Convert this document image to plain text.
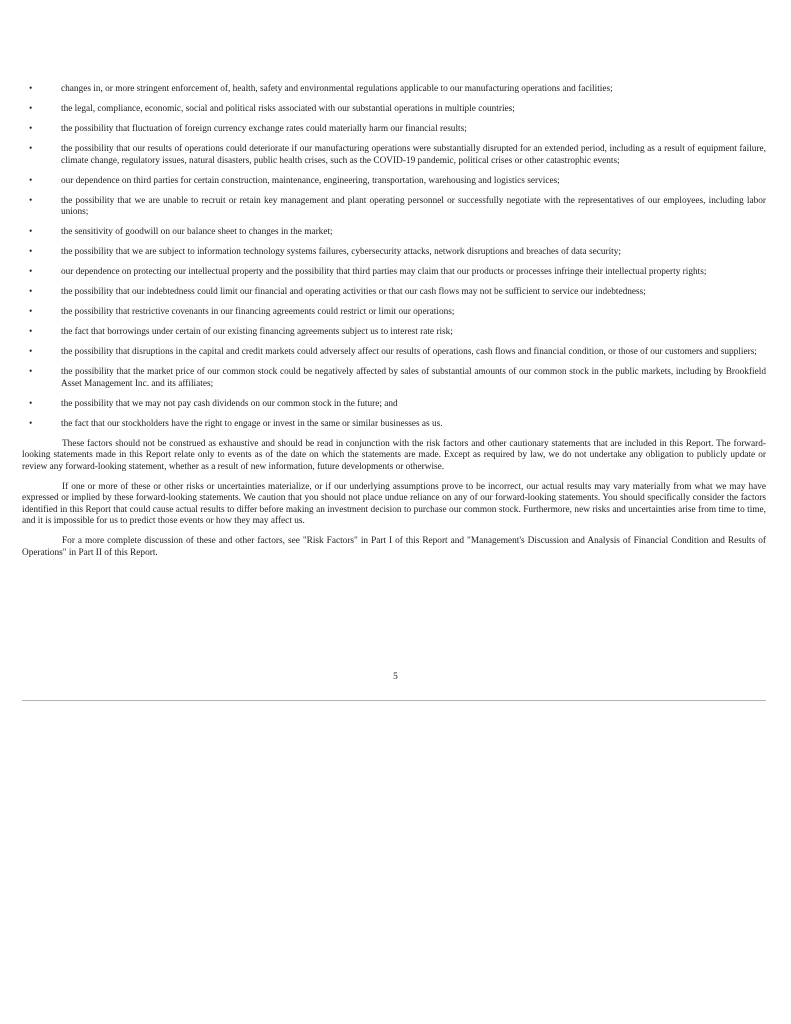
•	changes in, or more stringent enforcement of, health, safety and environmental regulations applicable to our manufacturing operations and facilities;
•	the legal, compliance, economic, social and political risks associated with our substantial operations in multiple countries;
•	the possibility that fluctuation of foreign currency exchange rates could materially harm our financial results;
•	the possibility that our results of operations could deteriorate if our manufacturing operations were substantially disrupted for an extended period, including as a result of equipment failure, climate change, regulatory issues, natural disasters, public health crises, such as the COVID-19 pandemic, political crises or other catastrophic events;
•	our dependence on third parties for certain construction, maintenance, engineering, transportation, warehousing and logistics services;
•	the possibility that we are unable to recruit or retain key management and plant operating personnel or successfully negotiate with the representatives of our employees, including labor unions;
•	the sensitivity of goodwill on our balance sheet to changes in the market;
•	the possibility that we are subject to information technology systems failures, cybersecurity attacks, network disruptions and breaches of data security;
•	our dependence on protecting our intellectual property and the possibility that third parties may claim that our products or processes infringe their intellectual property rights;
•	the possibility that our indebtedness could limit our financial and operating activities or that our cash flows may not be sufficient to service our indebtedness;
•	the possibility that restrictive covenants in our financing agreements could restrict or limit our operations;
•	the fact that borrowings under certain of our existing financing agreements subject us to interest rate risk;
•	the possibility that disruptions in the capital and credit markets could adversely affect our results of operations, cash flows and financial condition, or those of our customers and suppliers;
•	the possibility that the market price of our common stock could be negatively affected by sales of substantial amounts of our common stock in the public markets, including by Brookfield Asset Management Inc. and its affiliates;
•	the possibility that we may not pay cash dividends on our common stock in the future; and
•	the fact that our stockholders have the right to engage or invest in the same or similar businesses as us.

These factors should not be construed as exhaustive and should be read in conjunction with the risk factors and other cautionary statements that are included in this Report. The forward-looking statements made in this Report relate only to events as of the date on which the statements are made. Except as required by law, we do not undertake any obligation to publicly update or review any forward-looking statement, whether as a result of new information, future developments or otherwise.

If one or more of these or other risks or uncertainties materialize, or if our underlying assumptions prove to be incorrect, our actual results may vary materially from what we may have expressed or implied by these forward-looking statements. We caution that you should not place undue reliance on any of our forward-looking statements. You should specifically consider the factors identified in this Report that could cause actual results to differ before making an investment decision to purchase our common stock. Furthermore, new risks and uncertainties arise from time to time, and it is impossible for us to predict those events or how they may affect us.

For a more complete discussion of these and other factors, see "Risk Factors" in Part I of this Report and "Management's Discussion and Analysis of Financial Condition and Results of Operations" in Part II of this Report.

5
